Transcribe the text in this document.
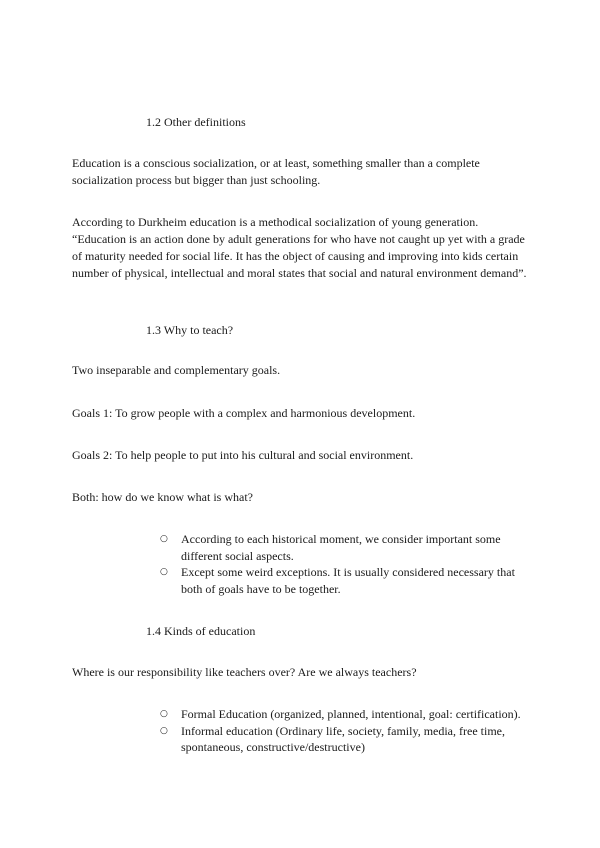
1.2 Other definitions
Education is a conscious socialization, or at least, something smaller than a complete socialization process but bigger than just schooling.
According to Durkheim education is a methodical socialization of young generation. “Education is an action done by adult generations for who have not caught up yet with a grade of maturity needed for social life. It has the object of causing and improving into kids certain number of physical, intellectual and moral states that social and natural environment demand”.
1.3 Why to teach?
Two inseparable and complementary goals.
Goals 1: To grow people with a complex and harmonious development.
Goals 2: To help people to put into his cultural and social environment.
Both: how do we know what is what?
○ According to each historical moment, we consider important some different social aspects.
○ Except some weird exceptions. It is usually considered necessary that both of goals have to be together.
1.4 Kinds of education
Where is our responsibility like teachers over? Are we always teachers?
○ Formal Education (organized, planned, intentional, goal: certification).
○ Informal education (Ordinary life, society, family, media, free time, spontaneous, constructive/destructive)
